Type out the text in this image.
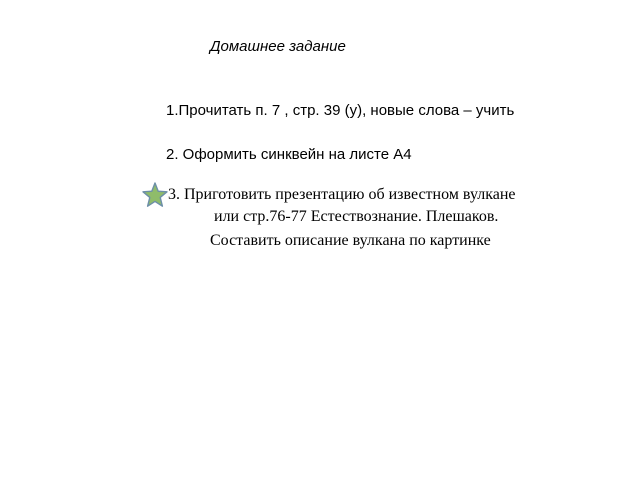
Домашнее задание
1.Прочитать п. 7 , стр. 39 (у), новые слова – учить
2. Оформить синквейн на листе А4
3. Приготовить презентацию об известном вулкане
или стр.76-77 Естествознание. Плешаков.
Составить описание вулкана по картинке
